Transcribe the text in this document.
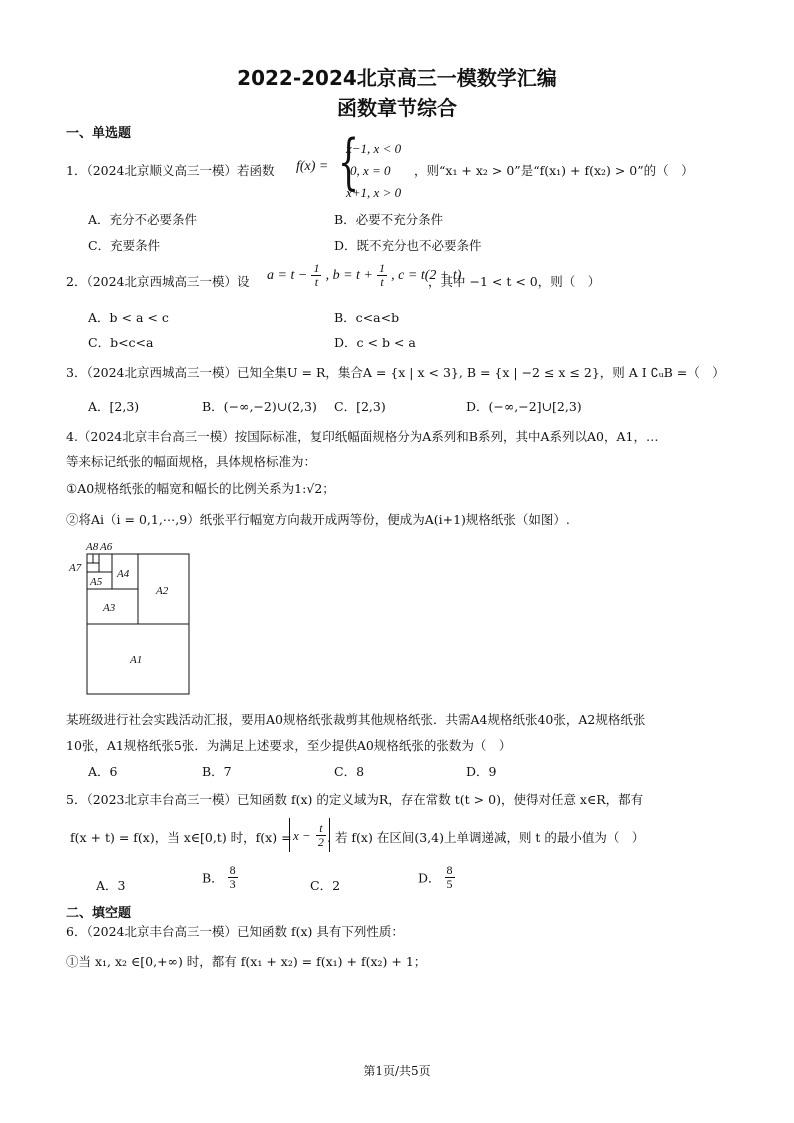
2022-2024北京高三一模数学汇编
函数章节综合
一、单选题
1．（2024北京顺义高三一模）若函数 f(x) = {
x−1, x < 0
0, x = 0
x+1, x > 0
，则“x₁ + x₂ > 0”是“f(x₁) + f(x₂) > 0”的（　）
A．充分不必要条件	B．必要不充分条件
C．充要条件	D．既不充分也不必要条件
2．（2024北京西城高三一模）设 $a = t - \frac{1}{t}$ , $b = t + \frac{1}{t}$ , c = t(2 + t)
，其中 −1 < t < 0，则（　）
A．b < a < c	B．c<a<b
C．b<c<a	D．c < b < a
3．（2024北京西城高三一模）已知全集U = R，集合A = {x | x < 3}, B = {x | −2 ≤ x ≤ 2}，则 A I ∁ᵤB =（　）
A．[2,3)	B．(−∞,−2)∪(2,3) C．[2,3)	D．(−∞,−2]∪[2,3)
4.（2024北京丰台高三一模）按国际标准，复印纸幅面规格分为A系列和B系列，其中A系列以A0，A1，…
等来标记纸张的幅面规格，具体规格标准为：
①A0规格纸张的幅宽和幅长的比例关系为1:√2；
②将Ai（i = 0,1,⋯,9）纸张平行幅宽方向裁开成两等份，便成为A(i+1)规格纸张（如图）.
A8 A6
A7
A5
A4
A3
A2
A1
某班级进行社会实践活动汇报，要用A0规格纸张裁剪其他规格纸张．共需A4规格纸张40张，A2规格纸张
10张，A1规格纸张5张．为满足上述要求，至少提供A0规格纸张的张数为（　）
A．6	B．7	C．8	D．9
5．（2023北京丰台高三一模）已知函数 f(x) 的定义域为R，存在常数 t(t > 0)，使得对任意 x∈R，都有
f(x + t) = f(x)，当 x∈[0,t) 时，$f(x) = x - \frac{t}{2}$ . 若 f(x) 在区间(3,4)上单调递减，则 t 的最小值为（　）
A．3	B． $\frac{8}{3}$	C．2	D． $\frac{8}{5}$
二、填空题
6．（2024北京丰台高三一模）已知函数 f(x) 具有下列性质：
①当 x₁, x₂ ∈[0,+∞) 时，都有 f(x₁ + x₂) = f(x₁) + f(x₂) + 1；
第1页/共5页
